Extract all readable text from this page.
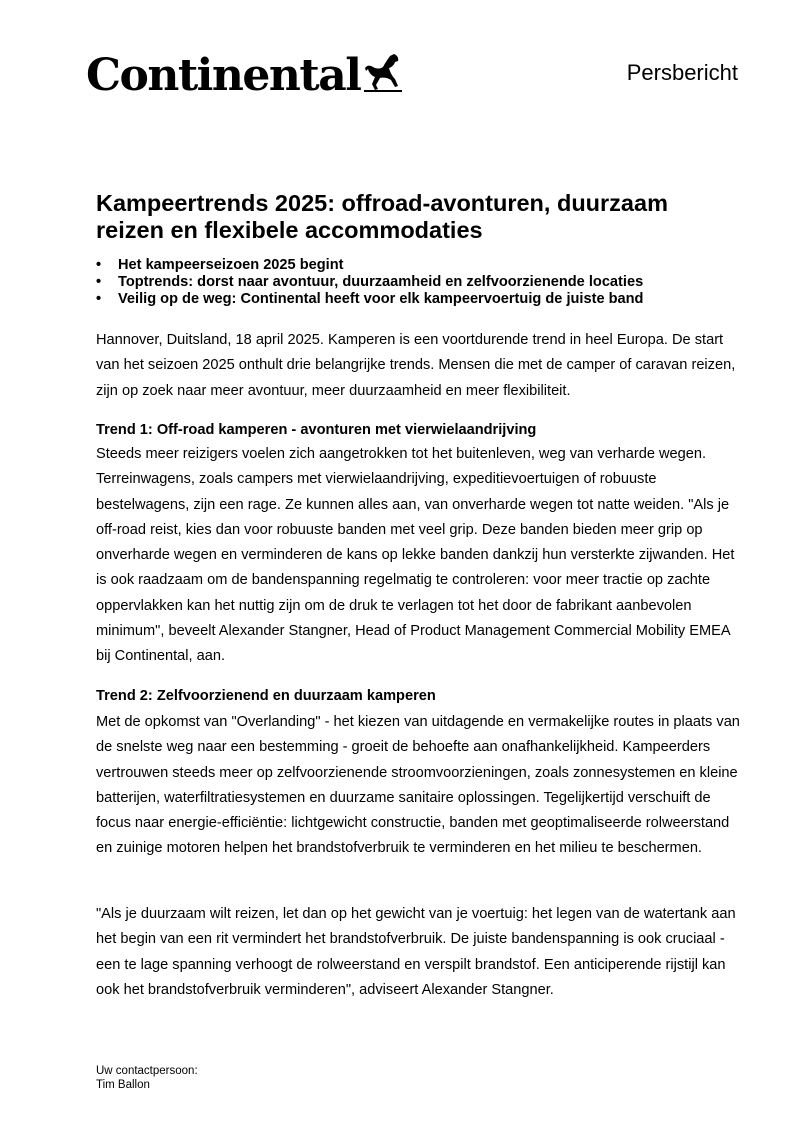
Continental	Persbericht
Kampeertrends 2025: offroad-avonturen, duurzaam reizen en flexibele accommodaties
• Het kampeerseizoen 2025 begint
• Toptrends: dorst naar avontuur, duurzaamheid en zelfvoorzienende locaties
• Veilig op de weg: Continental heeft voor elk kampeervoertuig de juiste band

Hannover, Duitsland, 18 april 2025. Kamperen is een voortdurende trend in heel Europa. De start van het seizoen 2025 onthult drie belangrijke trends. Mensen die met de camper of caravan reizen, zijn op zoek naar meer avontuur, meer duurzaamheid en meer flexibiliteit.

Trend 1: Off-road kamperen - avonturen met vierwielaandrijving

Steeds meer reizigers voelen zich aangetrokken tot het buitenleven, weg van verharde wegen. Terreinwagens, zoals campers met vierwielaandrijving, expeditievoertuigen of robuuste bestelwagens, zijn een rage. Ze kunnen alles aan, van onverharde wegen tot natte weiden. "Als je off-road reist, kies dan voor robuuste banden met veel grip. Deze banden bieden meer grip op onverharde wegen en verminderen de kans op lekke banden dankzij hun versterkte zijwanden. Het is ook raadzaam om de bandenspanning regelmatig te controleren: voor meer tractie op zachte oppervlakken kan het nuttig zijn om de druk te verlagen tot het door de fabrikant aanbevolen minimum", beveelt Alexander Stangner, Head of Product Management Commercial Mobility EMEA bij Continental, aan.

Trend 2: Zelfvoorzienend en duurzaam kamperen

Met de opkomst van "Overlanding" - het kiezen van uitdagende en vermakelijke routes in plaats van de snelste weg naar een bestemming - groeit de behoefte aan onafhankelijkheid. Kampeerders vertrouwen steeds meer op zelfvoorzienende stroomvoorzieningen, zoals zonnesystemen en kleine batterijen, waterfiltratiesystemen en duurzame sanitaire oplossingen. Tegelijkertijd verschuift de focus naar energie-efficiëntie: lichtgewicht constructie, banden met geoptimaliseerde rolweerstand en zuinige motoren helpen het brandstofverbruik te verminderen en het milieu te beschermen.

"Als je duurzaam wilt reizen, let dan op het gewicht van je voertuig: het legen van de watertank aan het begin van een rit vermindert het brandstofverbruik. De juiste bandenspanning is ook cruciaal - een te lage spanning verhoogt de rolweerstand en verspilt brandstof. Een anticiperende rijstijl kan ook het brandstofverbruik verminderen", adviseert Alexander Stangner.

Uw contactpersoon:
Tim Ballon
